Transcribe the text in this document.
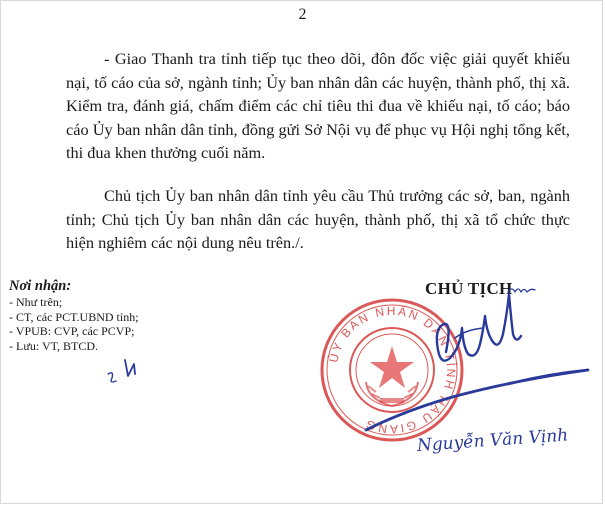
2

- Giao Thanh tra tỉnh tiếp tục theo dõi, đôn đốc việc giải quyết khiếu nại, tố cáo của sở, ngành tỉnh; Ủy ban nhân dân các huyện, thành phố, thị xã. Kiểm tra, đánh giá, chấm điểm các chỉ tiêu thi đua về khiếu nại, tố cáo; báo cáo Ủy ban nhân dân tỉnh, đồng gửi Sở Nội vụ để phục vụ Hội nghị tổng kết, thi đua khen thưởng cuối năm.

Chủ tịch Ủy ban nhân dân tỉnh yêu cầu Thủ trưởng các sở, ban, ngành tỉnh; Chủ tịch Ủy ban nhân dân các huyện, thành phố, thị xã tổ chức thực hiện nghiêm các nội dung nêu trên./.

Nơi nhận:
- Như trên;
- CT, các PCT.UBND tỉnh;
- VPUB: CVP, các PCVP;
- Lưu: VT, BTCD.
CHỦ TỊCH
ỦY BAN NHÂN DÂN TỈNH HẬU GIANG
Nguyễn Văn Vịnh
